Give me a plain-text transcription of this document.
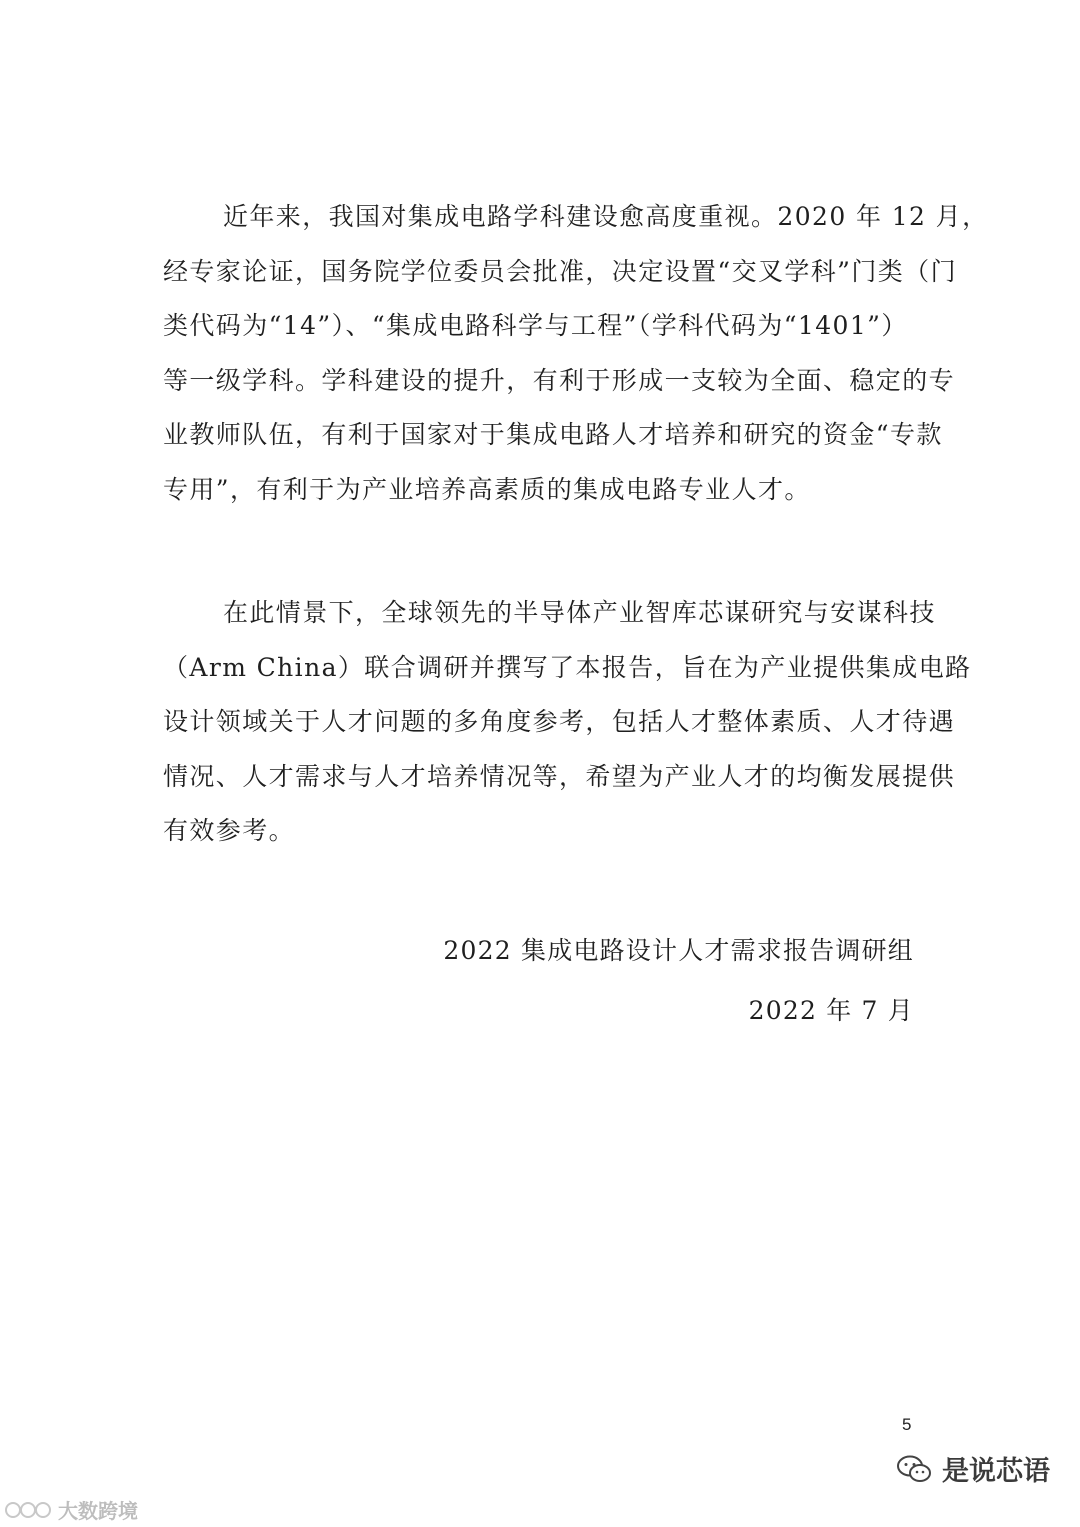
近年来，我国对集成电路学科建设愈高度重视。2020 年 12 月，
经专家论证，国务院学位委员会批准，决定设置“交叉学科”门类（门
类代码为“14”）、“集成电路科学与工程”（学科代码为“1401”）
等一级学科。学科建设的提升，有利于形成一支较为全面、稳定的专
业教师队伍，有利于国家对于集成电路人才培养和研究的资金“专款
专用”，有利于为产业培养高素质的集成电路专业人才。
在此情景下，全球领先的半导体产业智库芯谋研究与安谋科技
（Arm China）联合调研并撰写了本报告，旨在为产业提供集成电路
设计领域关于人才问题的多角度参考，包括人才整体素质、人才待遇
情况、人才需求与人才培养情况等，希望为产业人才的均衡发展提供
有效参考。
2022 集成电路设计人才需求报告调研组
2022 年 7 月
5
大数跨境
是说芯语
